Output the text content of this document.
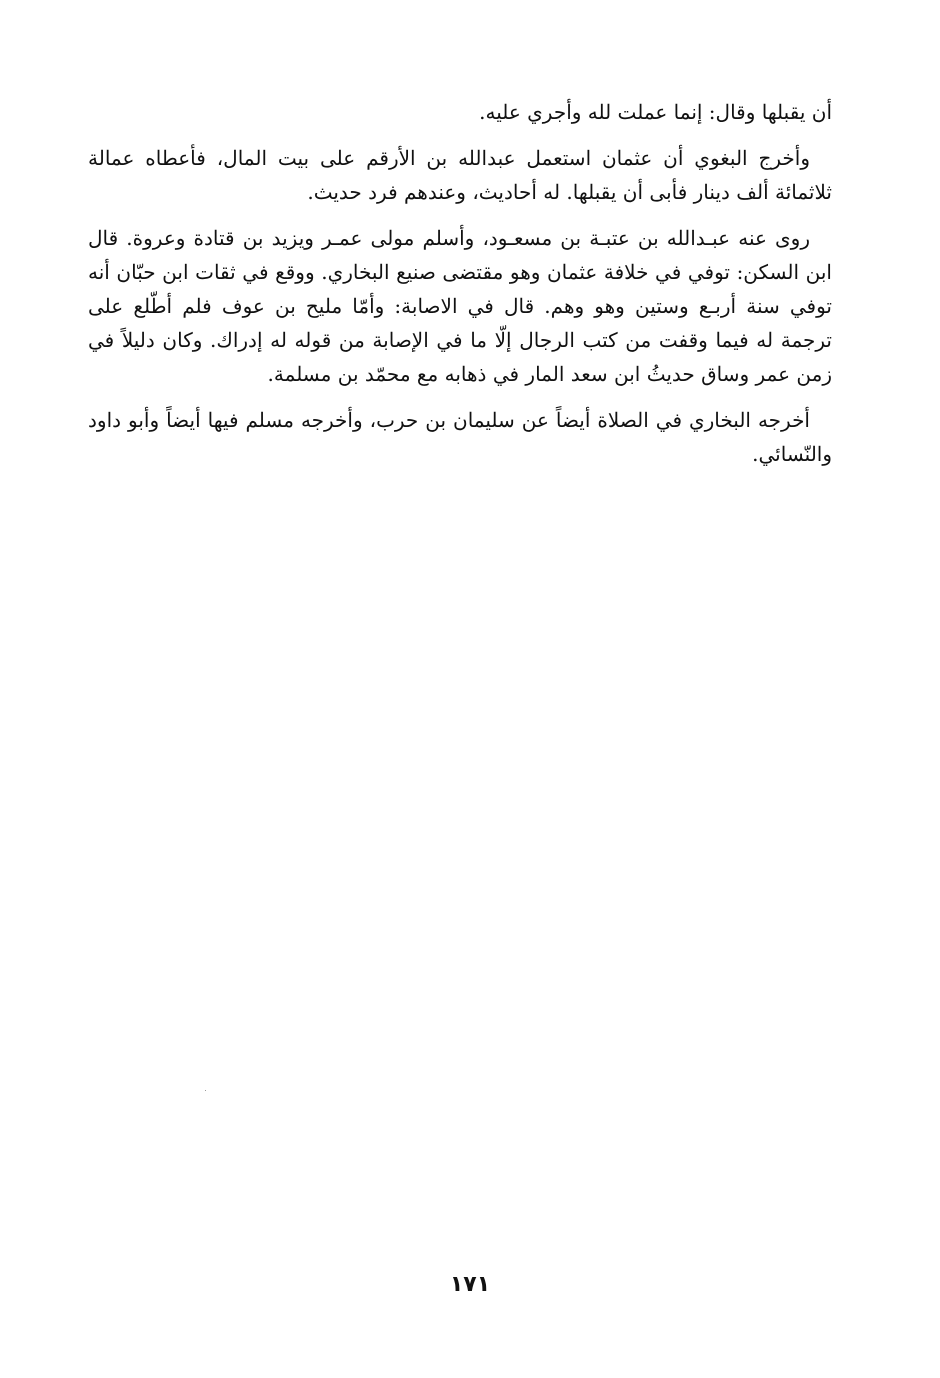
أن يقبلها وقال: إنما عملت لله وأجري عليه.

وأخرج البغوي أن عثمان استعمل عبدالله بن الأرقم على بيت المال، فأعطاه عمالة ثلاثمائة ألف دينار فأبى أن يقبلها. له أحاديث، وعندهم فرد حديث.

روى عنه عبـدالله بن عتبـة بن مسعـود، وأسلم مولى عمـر ويزيد بن قتادة وعروة. قال ابن السكن: توفي في خلافة عثمان وهو مقتضى صنيع البخاري. ووقع في ثقات ابن حبّان أنه توفي سنة أربـع وستين وهو وهم. قال في الاصابة: وأمّا مليح بن عوف فلم أطّلع على ترجمة له فيما وقفت من كتب الرجال إلّا ما في الإصابة من قوله له إدراك. وكان دليلاً في زمن عمر وساق حديثُ ابن سعد المار في ذهابه مع محمّد بن مسلمة.

أخرجه البخاري في الصلاة أيضاً عن سليمان بن حرب، وأخرجه مسلم فيها أيضاً وأبو داود والنّسائي.

١٧١
